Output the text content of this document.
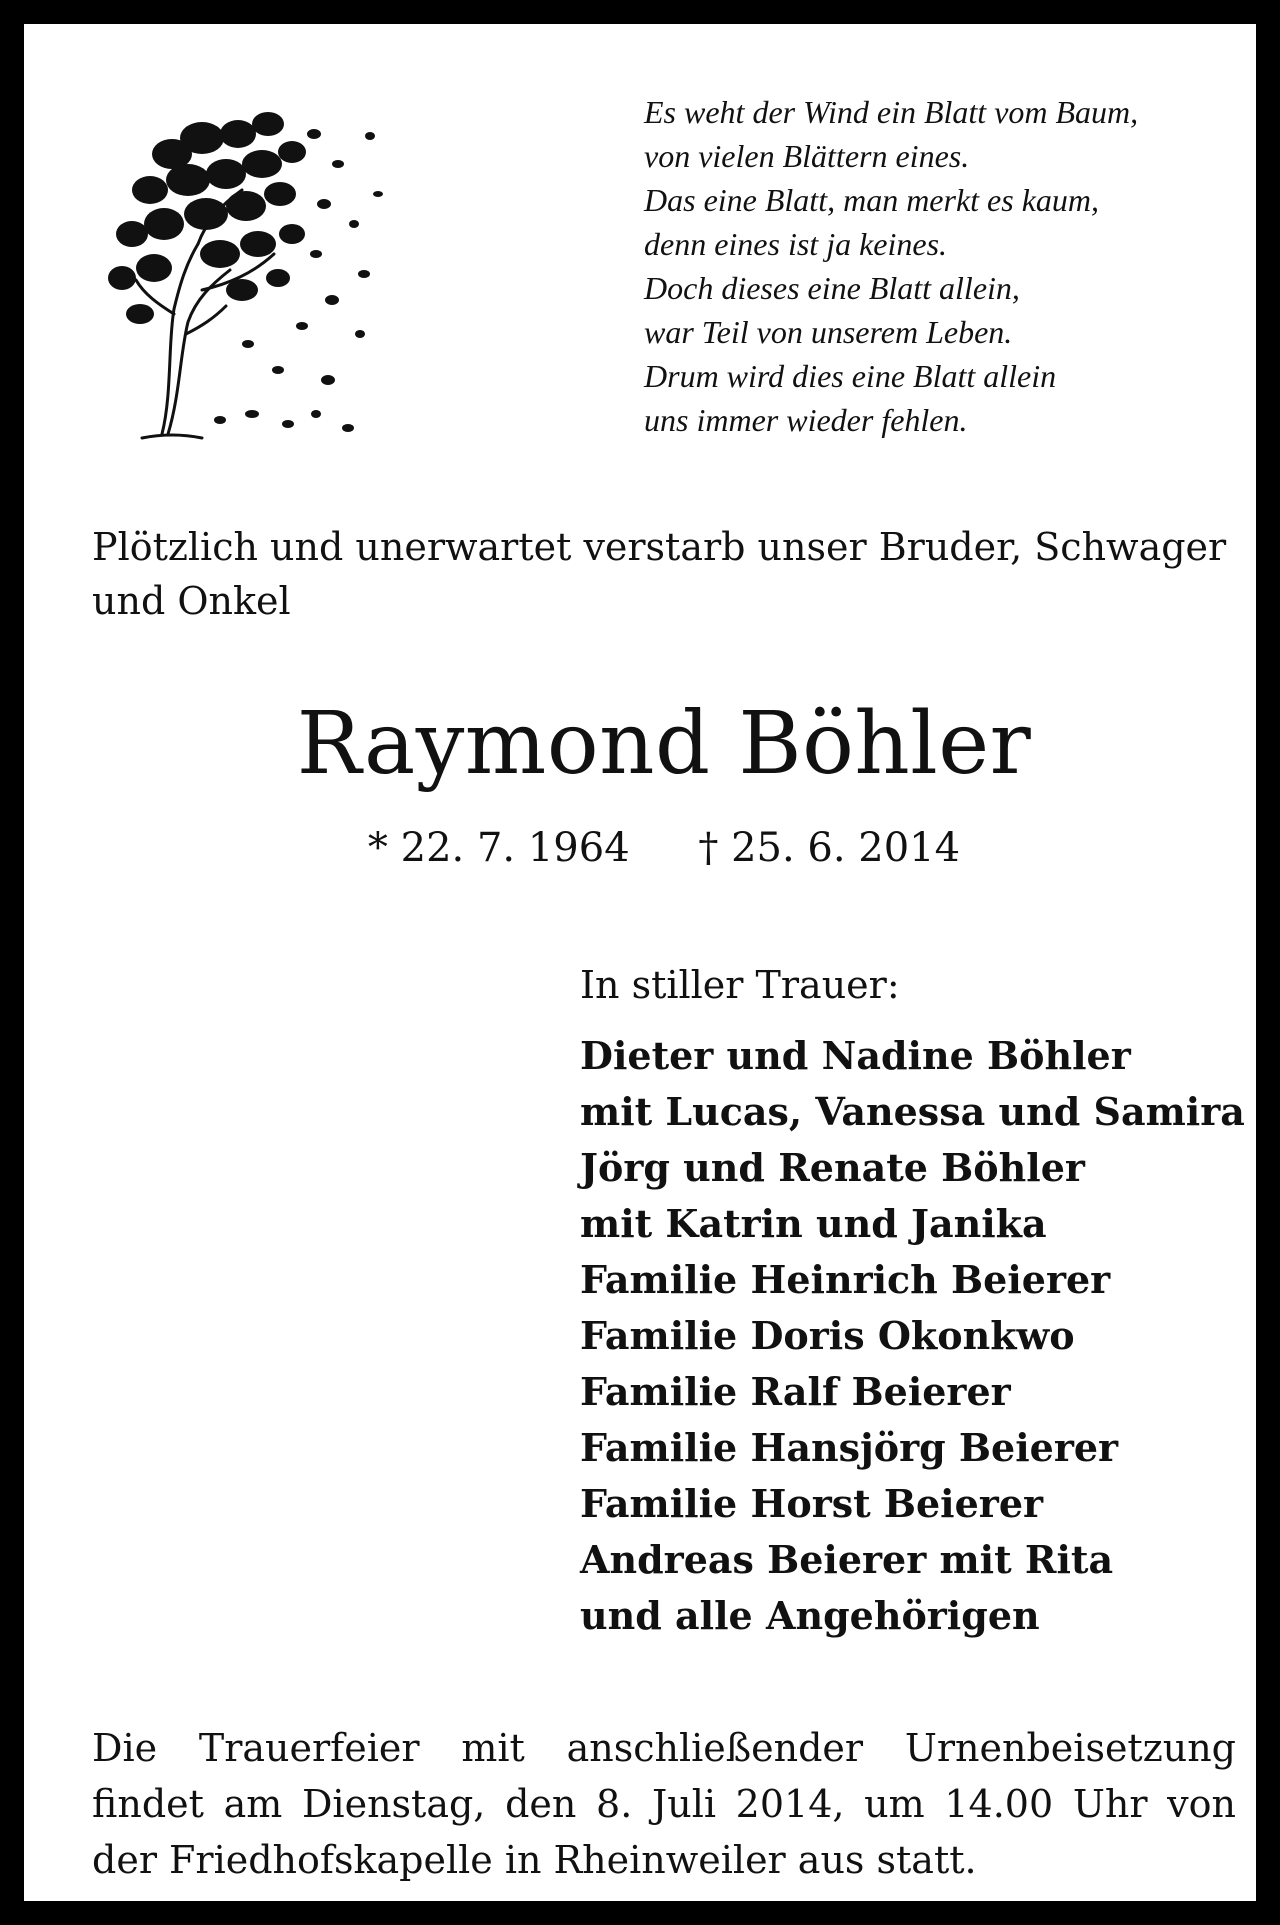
Es weht der Wind ein Blatt vom Baum,
von vielen Blättern eines.
Das eine Blatt, man merkt es kaum,
denn eines ist ja keines.
Doch dieses eine Blatt allein,
war Teil von unserem Leben.
Drum wird dies eine Blatt allein
uns immer wieder fehlen.

Plötzlich und unerwartet verstarb unser Bruder, Schwager und Onkel

Raymond Böhler

* 22. 7. 1964 † 25. 6. 2014

In stiller Trauer:

Dieter und Nadine Böhler
mit Lucas, Vanessa und Samira
Jörg und Renate Böhler
mit Katrin und Janika
Familie Heinrich Beierer
Familie Doris Okonkwo
Familie Ralf Beierer
Familie Hansjörg Beierer
Familie Horst Beierer
Andreas Beierer mit Rita
und alle Angehörigen

Die Trauerfeier mit anschließender Urnenbeisetzung findet am Dienstag, den 8. Juli 2014, um 14.00 Uhr von der Friedhofskapelle in Rheinweiler aus statt.
